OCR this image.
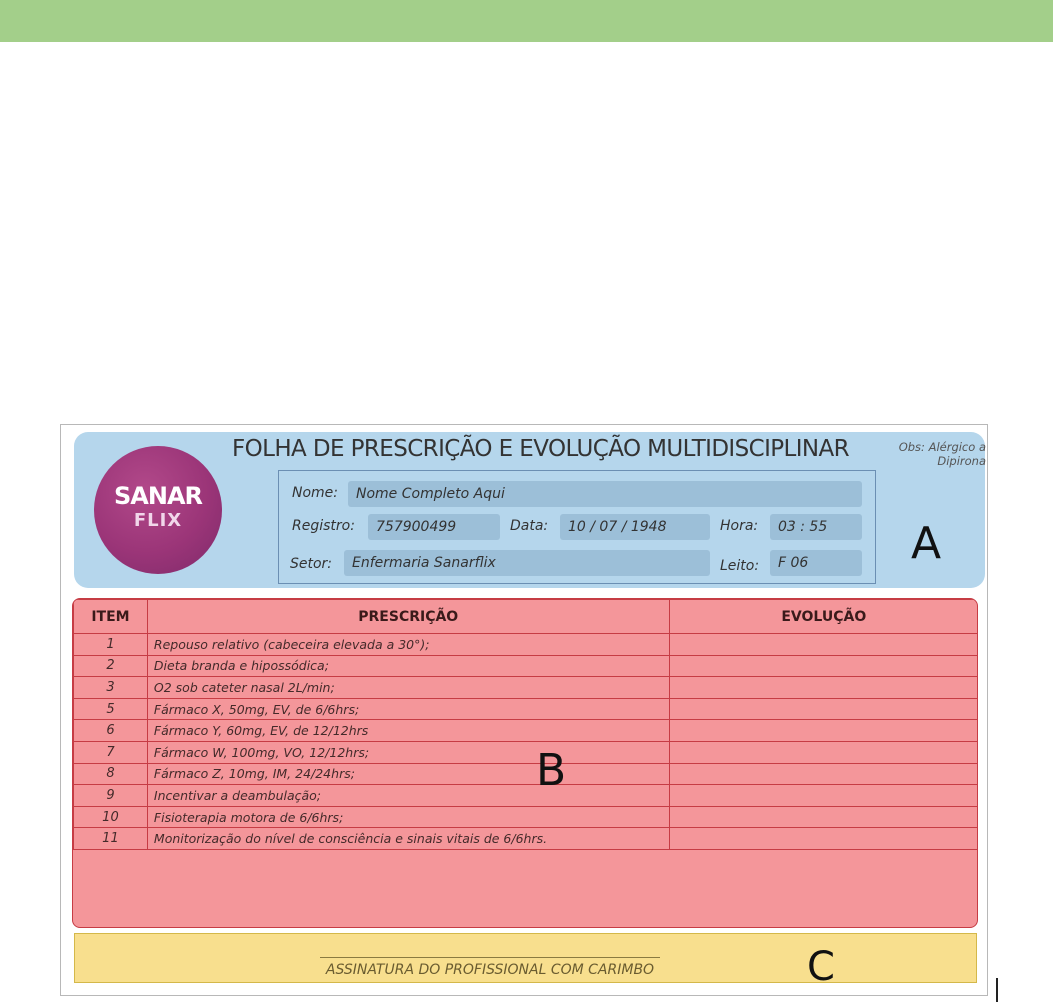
SANAR
FLIX
FOLHA DE PRESCRIÇÃO E EVOLUÇÃO MULTIDISCIPLINAR	Obs: Alérgico a Dipirona
A
Nome:	Nome Completo Aqui
Registro:	757900499	Data:	10 / 07 / 1948	Hora:	03 : 55
Setor:	Enfermaria Sanarflix	Leito:	F 06
ITEM	PRESCRIÇÃO	EVOLUÇÃO
1	Repouso relativo (cabeceira elevada a 30°);	
2	Dieta branda e hipossódica;	
3	O2 sob cateter nasal 2L/min;	
5	Fármaco X, 50mg, EV, de 6/6hrs;	
6	Fármaco Y, 60mg, EV, de 12/12hrs	
7	Fármaco W, 100mg, VO, 12/12hrs;	
8	Fármaco Z, 10mg, IM, 24/24hrs;	
9	Incentivar a deambulação;	
10	Fisioterapia motora de 6/6hrs;	
11	Monitorização do nível de consciência e sinais vitais de 6/6hrs.	
B
ASSINATURA DO PROFISSIONAL COM CARIMBO	C
